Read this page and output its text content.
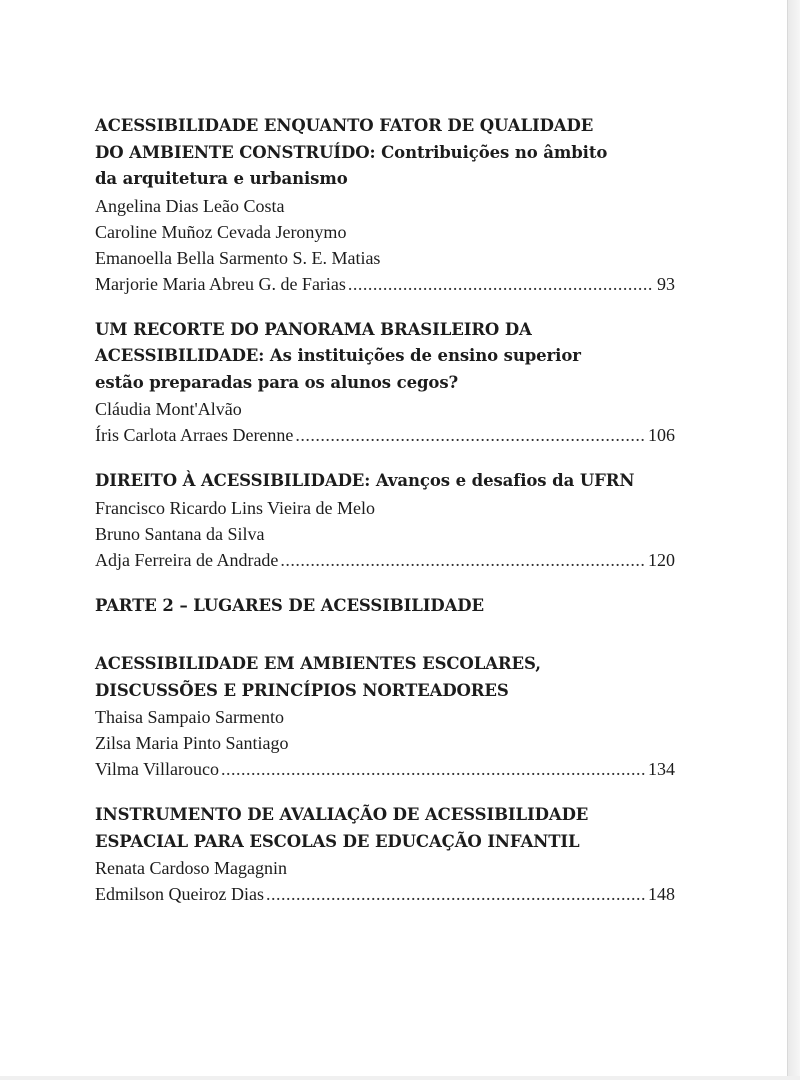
ACESSIBILIDADE ENQUANTO FATOR DE QUALIDADE
DO AMBIENTE CONSTRUÍDO: Contribuições no âmbito
da arquitetura e urbanismo
Angelina Dias Leão Costa
Caroline Muñoz Cevada Jeronymo
Emanoella Bella Sarmento S. E. Matias
Marjorie Maria Abreu G. de Farias .....	93
UM RECORTE DO PANORAMA BRASILEIRO DA
ACESSIBILIDADE: As instituições de ensino superior
estão preparadas para os alunos cegos?
Cláudia Mont'Alvão
Íris Carlota Arraes Derenne .....	106
DIREITO À ACESSIBILIDADE: Avanços e desafios da UFRN
Francisco Ricardo Lins Vieira de Melo
Bruno Santana da Silva
Adja Ferreira de Andrade .....	120
PARTE 2 – LUGARES DE ACESSIBILIDADE
ACESSIBILIDADE EM AMBIENTES ESCOLARES,
DISCUSSÕES E PRINCÍPIOS NORTEADORES
Thaisa Sampaio Sarmento
Zilsa Maria Pinto Santiago
Vilma Villarouco .....	134
INSTRUMENTO DE AVALIAÇÃO DE ACESSIBILIDADE
ESPACIAL PARA ESCOLAS DE EDUCAÇÃO INFANTIL
Renata Cardoso Magagnin
Edmilson Queiroz Dias .....	148
